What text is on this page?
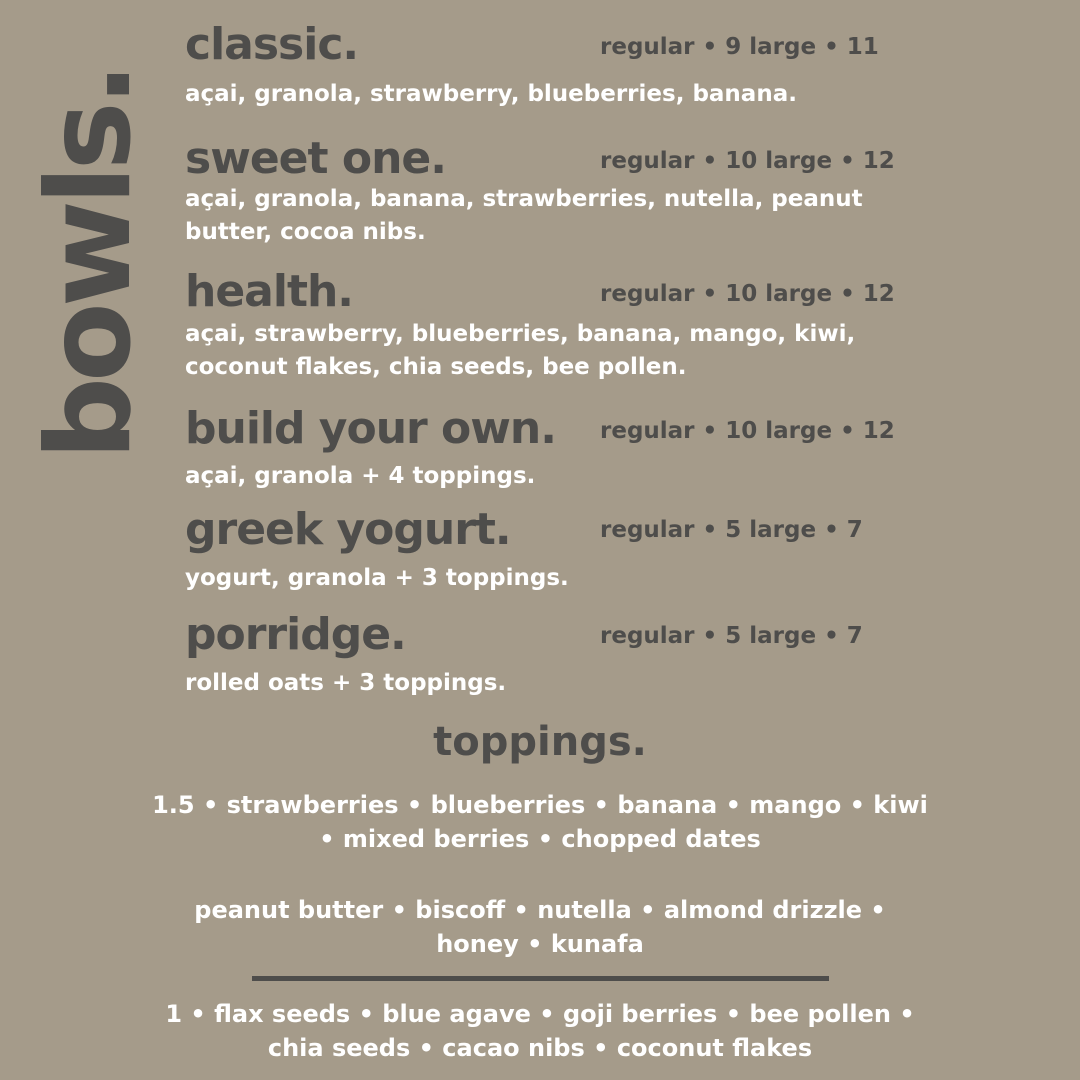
bowls.
classic.	regular • 9 large • 11
açai, granola, strawberry, blueberries, banana.
sweet one.	regular • 10 large • 12
açai, granola, banana, strawberries, nutella, peanut butter, cocoa nibs.
health.	regular • 10 large • 12
açai, strawberry, blueberries, banana, mango, kiwi, coconut flakes, chia seeds, bee pollen.
build your own. regular • 10 large • 12
açai, granola + 4 toppings.
greek yogurt.	regular • 5 large • 7
yogurt, granola + 3 toppings.
porridge.	regular • 5 large • 7
rolled oats + 3 toppings.
toppings.
1.5 • strawberries • blueberries • banana • mango • kiwi • mixed berries • chopped dates
peanut butter • biscoff • nutella • almond drizzle • honey • kunafa
1 • flax seeds • blue agave • goji berries • bee pollen • chia seeds • cacao nibs • coconut flakes
